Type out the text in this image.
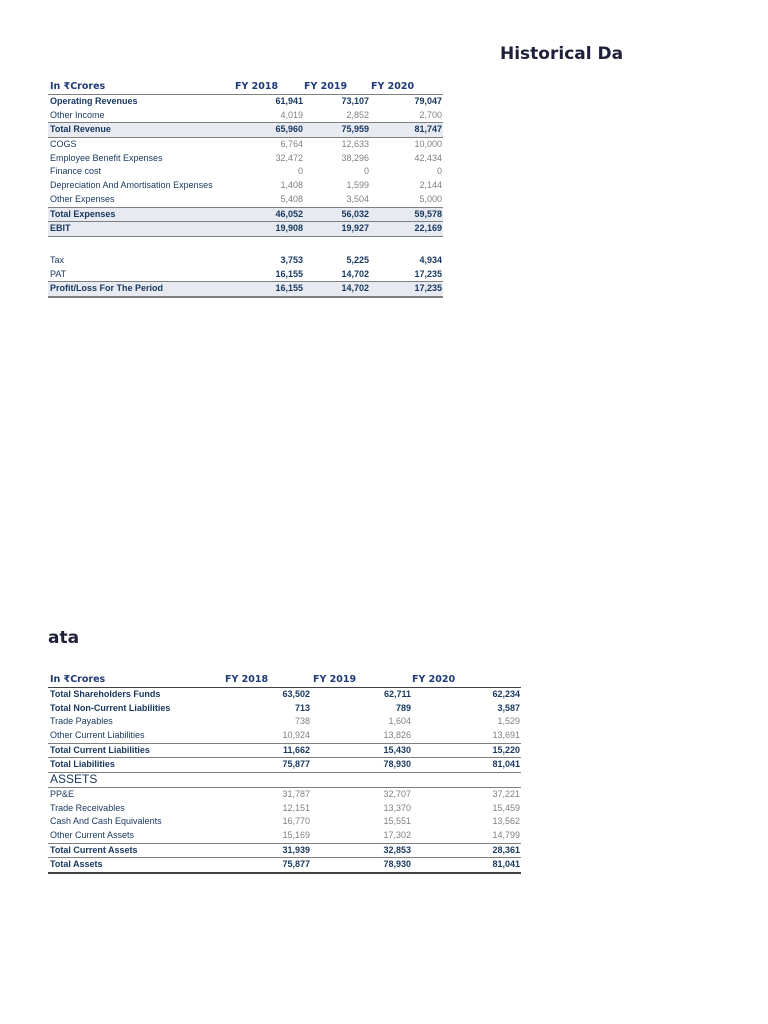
Historical Da
ata
In ₹Crores	FY 2018	FY 2019	FY 2020
Operating Revenues	61,941	73,107	79,047
Other Income	4,019	2,852	2,700
Total Revenue	65,960	75,959	81,747
COGS	6,764	12,633	10,000
Employee Benefit Expenses	32,472	38,296	42,434
Finance cost	0	0	0
Depreciation And Amortisation Expenses	1,408	1,599	2,144
Other Expenses	5,408	3,504	5,000
Total Expenses	46,052	56,032	59,578
EBIT	19,908	19,927	22,169
Tax	3,753	5,225	4,934
PAT	16,155	14,702	17,235
Profit/Loss For The Period	16,155	14,702	17,235
In ₹Crores	FY 2018	FY 2019	FY 2020
Total Shareholders Funds	63,502	62,711	62,234
Total Non-Current Liabilities	713	789	3,587
Trade Payables	738	1,604	1,529
Other Current Liabilities	10,924	13,826	13,691
Total Current Liabilities	11,662	15,430	15,220
Total Liabilities	75,877	78,930	81,041
ASSETS
PP&E	31,787	32,707	37,221
Trade Receivables	12,151	13,370	15,459
Cash And Cash Equivalents	16,770	15,551	13,562
Other Current Assets	15,169	17,302	14,799
Total Current Assets	31,939	32,853	28,361
Total Assets	75,877	78,930	81,041
